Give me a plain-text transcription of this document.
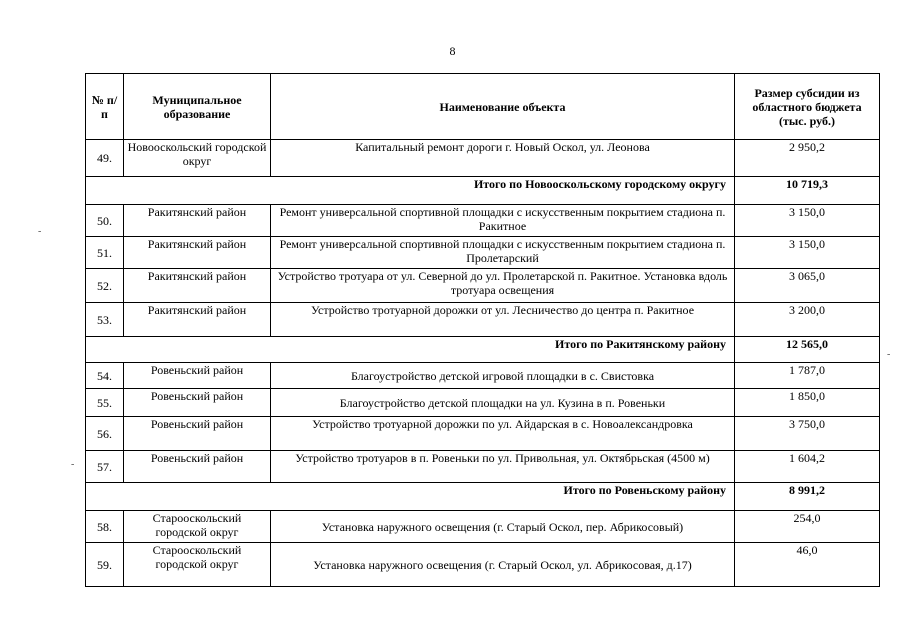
8
№ п/п	Муниципальное образование	Наименование объекта	Размер субсидии из областного бюджета (тыс. руб.)
49.	Новооскольский городской округ	Капитальный ремонт дороги г. Новый Оскол, ул. Леонова	2 950,2
Итого по Новооскольскому городскому округу			10 719,3
50.	Ракитянский район	Ремонт универсальной спортивной площадки с искусственным покрытием стадиона п. Ракитное	3 150,0
51.	Ракитянский район	Ремонт универсальной спортивной площадки с искусственным покрытием стадиона п. Пролетарский	3 150,0
52.	Ракитянский район	Устройство тротуара от ул. Северной до ул. Пролетарской п. Ракитное. Установка вдоль тротуара освещения	3 065,0
53.	Ракитянский район	Устройство тротуарной дорожки от ул. Лесничество до центра п. Ракитное	3 200,0
Итого по Ракитянскому району			12 565,0
54.	Ровеньский район	Благоустройство детской игровой площадки в с. Свистовка	1 787,0
55.	Ровеньский район	Благоустройство детской площадки на ул. Кузина в п. Ровеньки	1 850,0
56.	Ровеньский район	Устройство тротуарной дорожки по ул. Айдарская в с. Новоалександровка	3 750,0
57.	Ровеньский район	Устройство тротуаров в п. Ровеньки по ул. Привольная, ул. Октябрьская (4500 м)	1 604,2
Итого по Ровеньскому району			8 991,2
58.	Старооскольский городской округ	Установка наружного освещения (г. Старый Оскол, пер. Абрикосовый)	254,0
59.	Старооскольский городской округ	Установка наружного освещения (г. Старый Оскол, ул. Абрикосовая, д.17)	46,0
-
-
-
